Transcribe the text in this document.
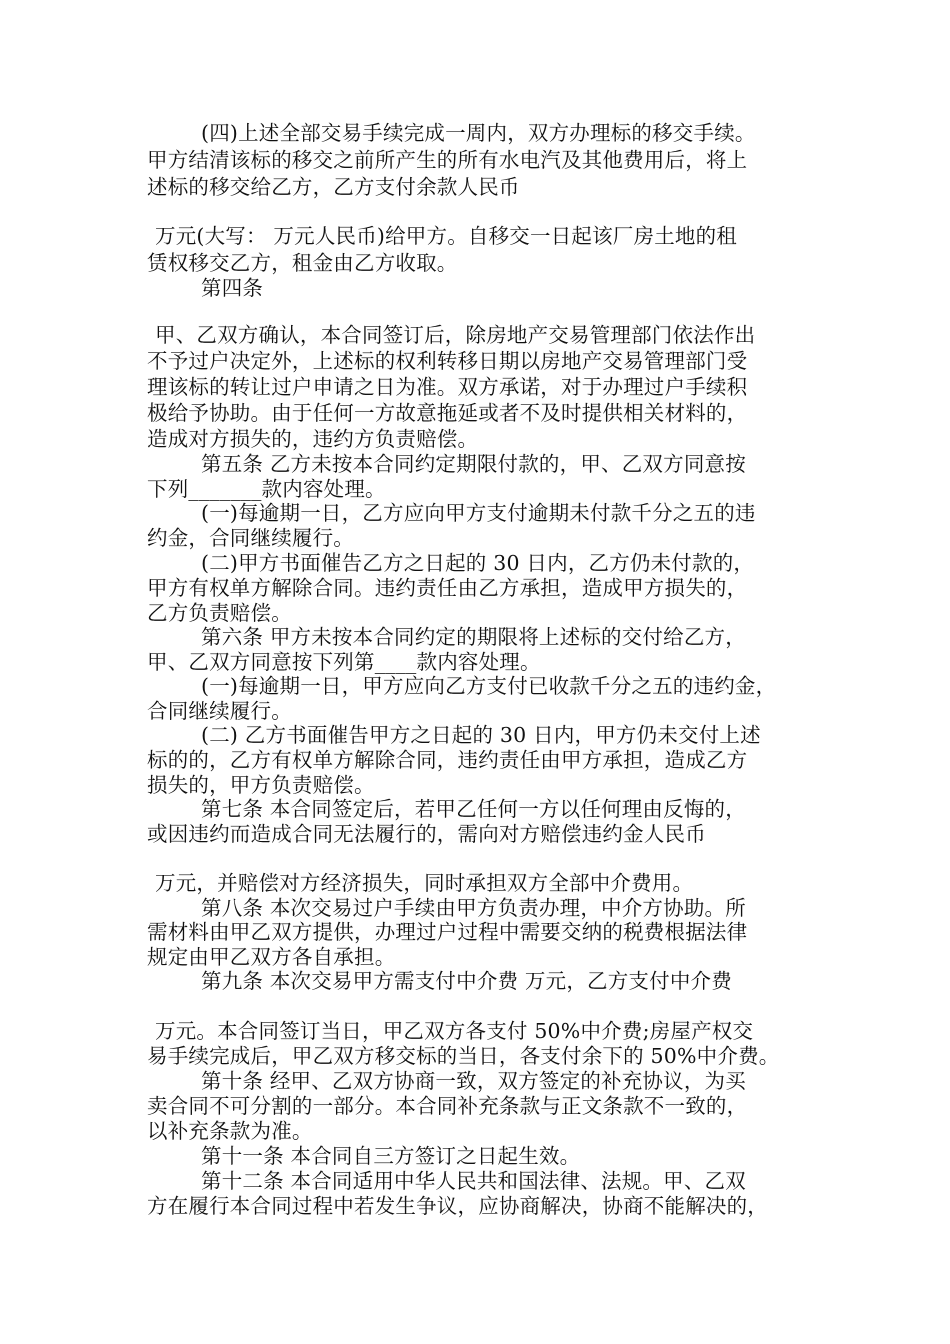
(四)上述全部交易手续完成一周内，双方办理标的移交手续。

甲方结清该标的移交之前所产生的所有水电汽及其他费用后，将上

述标的移交给乙方，乙方支付余款人民币

万元(大写： 万元人民币)给甲方。自移交一日起该厂房土地的租

赁权移交乙方，租金由乙方收取。

第四条

甲、乙双方确认，本合同签订后，除房地产交易管理部门依法作出

不予过户决定外，上述标的权利转移日期以房地产交易管理部门受

理该标的转让过户申请之日为准。双方承诺，对于办理过户手续积

极给予协助。由于任何一方故意拖延或者不及时提供相关材料的，

造成对方损失的，违约方负责赔偿。

第五条 乙方未按本合同约定期限付款的，甲、乙双方同意按

下列_______款内容处理。

(一)每逾期一日，乙方应向甲方支付逾期未付款千分之五的违

约金，合同继续履行。

(二)甲方书面催告乙方之日起的 30 日内，乙方仍未付款的，

甲方有权单方解除合同。违约责任由乙方承担，造成甲方损失的，

乙方负责赔偿。

第六条 甲方未按本合同约定的期限将上述标的交付给乙方，

甲、乙双方同意按下列第____款内容处理。

(一)每逾期一日，甲方应向乙方支付已收款千分之五的违约金，

合同继续履行。

(二) 乙方书面催告甲方之日起的 30 日内，甲方仍未交付上述

标的的，乙方有权单方解除合同，违约责任由甲方承担，造成乙方

损失的，甲方负责赔偿。

第七条 本合同签定后，若甲乙任何一方以任何理由反悔的，

或因违约而造成合同无法履行的，需向对方赔偿违约金人民币

万元，并赔偿对方经济损失，同时承担双方全部中介费用。

第八条 本次交易过户手续由甲方负责办理，中介方协助。所

需材料由甲乙双方提供，办理过户过程中需要交纳的税费根据法律

规定由甲乙双方各自承担。

第九条 本次交易甲方需支付中介费 万元，乙方支付中介费

万元。本合同签订当日，甲乙双方各支付 50%中介费;房屋产权交

易手续完成后，甲乙双方移交标的当日，各支付余下的 50%中介费。

第十条 经甲、乙双方协商一致，双方签定的补充协议，为买

卖合同不可分割的一部分。本合同补充条款与正文条款不一致的，

以补充条款为准。

第十一条 本合同自三方签订之日起生效。

第十二条 本合同适用中华人民共和国法律、法规。甲、乙双

方在履行本合同过程中若发生争议，应协商解决，协商不能解决的，
